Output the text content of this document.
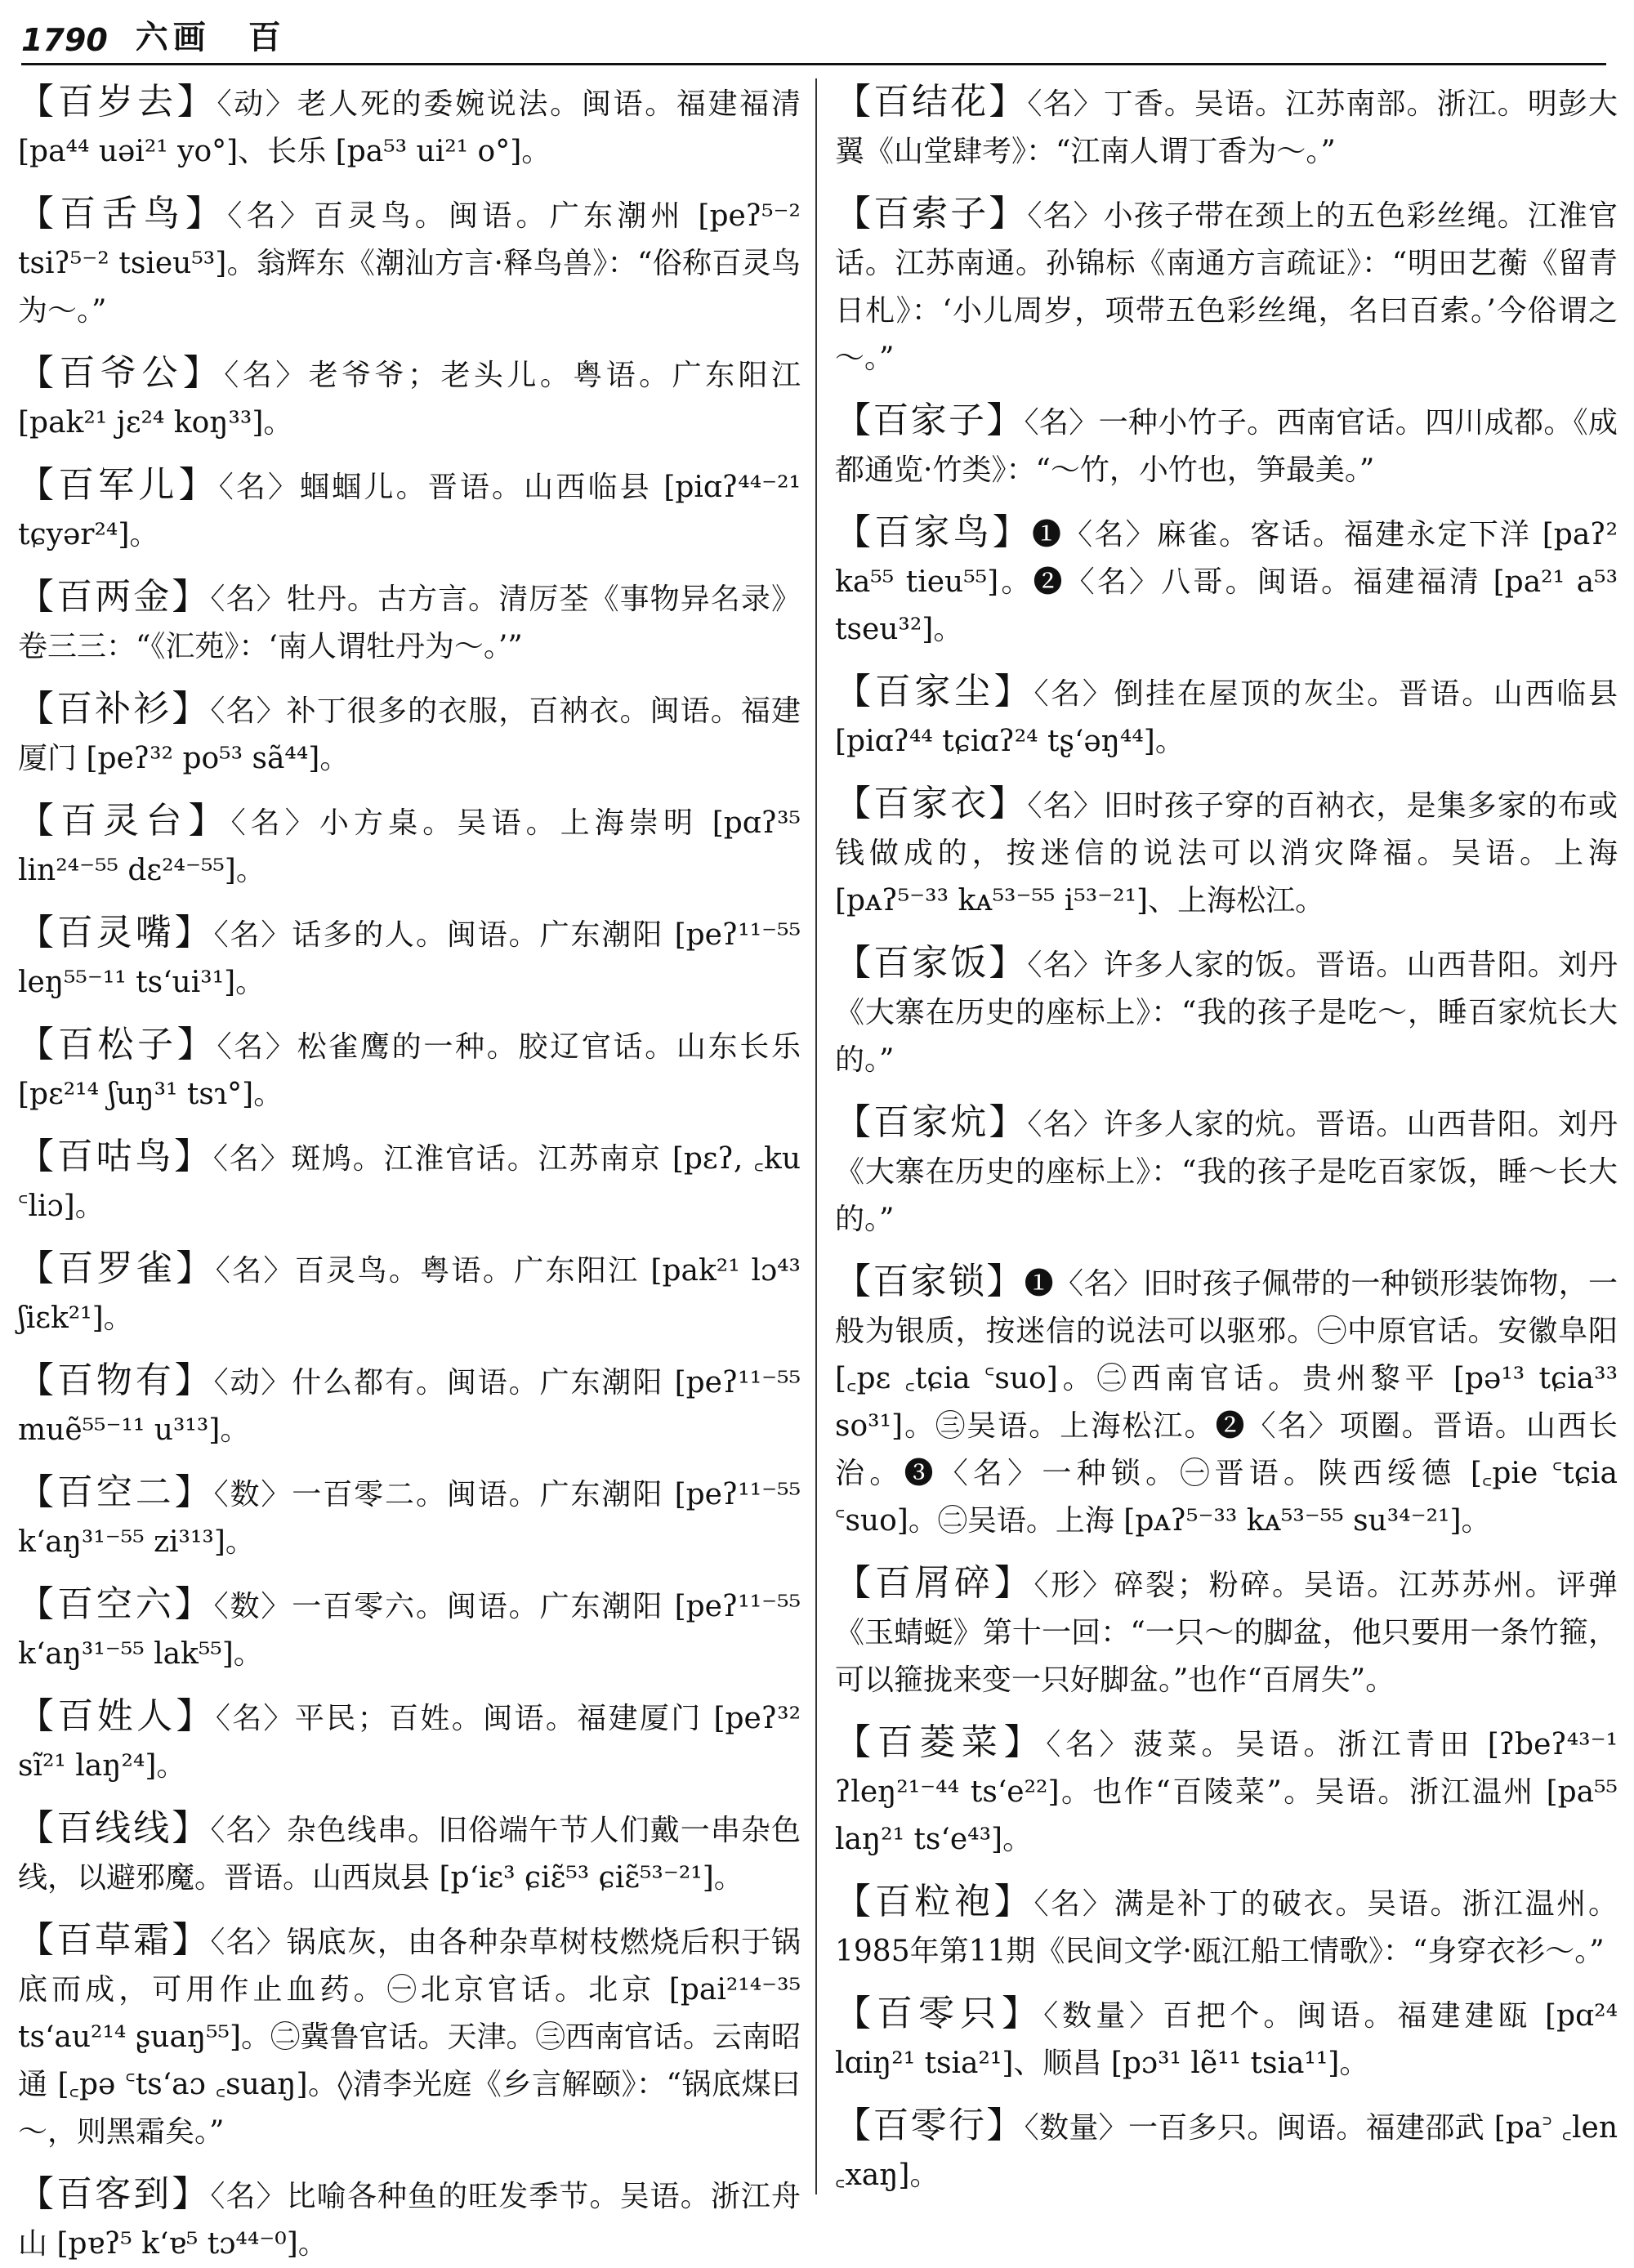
1790 六画　百

【百岁去】〈动〉老人死的委婉说法。闽语。福建福清 [pa⁴⁴ uəi²¹ yo°]、长乐 [pa⁵³ ui²¹ o°]。

【百舌鸟】〈名〉百灵鸟。闽语。广东潮州 [peʔ⁵⁻² tsiʔ⁵⁻² tsieu⁵³]。翁辉东《潮汕方言·释鸟兽》：“俗称百灵鸟为～。”

【百爷公】〈名〉老爷爷；老头儿。粤语。广东阳江 [pak²¹ jɛ²⁴ koŋ³³]。

【百军儿】〈名〉蝈蝈儿。晋语。山西临县 [piɑʔ⁴⁴⁻²¹ tɕyər²⁴]。

【百两金】〈名〉牡丹。古方言。清厉荃《事物异名录》卷三三：“《汇苑》：‘南人谓牡丹为～。’”

【百补衫】〈名〉补丁很多的衣服，百衲衣。闽语。福建厦门 [peʔ³² po⁵³ sã⁴⁴]。

【百灵台】〈名〉小方桌。吴语。上海崇明 [pɑʔ³⁵ lin²⁴⁻⁵⁵ dɛ²⁴⁻⁵⁵]。

【百灵嘴】〈名〉话多的人。闽语。广东潮阳 [peʔ¹¹⁻⁵⁵ leŋ⁵⁵⁻¹¹ tsʻui³¹]。

【百松子】〈名〉松雀鹰的一种。胶辽官话。山东长乐 [pɛ²¹⁴ ʃuŋ³¹ tsɿ°]。

【百咕鸟】〈名〉斑鸠。江淮官话。江苏南京 [pɛʔ, ꜀ku ꜂liɔ]。

【百罗雀】〈名〉百灵鸟。粤语。广东阳江 [pak²¹ lɔ⁴³ ʃiɛk²¹]。

【百物有】〈动〉什么都有。闽语。广东潮阳 [peʔ¹¹⁻⁵⁵ muẽ⁵⁵⁻¹¹ u³¹³]。

【百空二】〈数〉一百零二。闽语。广东潮阳 [peʔ¹¹⁻⁵⁵ kʻaŋ³¹⁻⁵⁵ zi³¹³]。

【百空六】〈数〉一百零六。闽语。广东潮阳 [peʔ¹¹⁻⁵⁵ kʻaŋ³¹⁻⁵⁵ lak⁵⁵]。

【百姓人】〈名〉平民；百姓。闽语。福建厦门 [peʔ³² sĩ²¹ laŋ²⁴]。

【百线线】〈名〉杂色线串。旧俗端午节人们戴一串杂色线，以避邪魔。晋语。山西岚县 [pʻiɛ³ ɕiɛ̃⁵³ ɕiɛ̃⁵³⁻²¹]。

【百草霜】〈名〉锅底灰，由各种杂草树枝燃烧后积于锅底而成，可用作止血药。㊀北京官话。北京 [pai²¹⁴⁻³⁵ tsʻau²¹⁴ ʂuaŋ⁵⁵]。㊁冀鲁官话。天津。㊂西南官话。云南昭通 [꜀pə ꜂tsʻaɔ ꜀suaŋ]。◊清李光庭《乡言解颐》：“锅底煤曰～，则黑霜矣。”

【百客到】〈名〉比喻各种鱼的旺发季节。吴语。浙江舟山 [pɐʔ⁵ kʻɐ⁵ tɔ⁴⁴⁻⁰]。

【百结花】〈名〉丁香。吴语。江苏南部。浙江。明彭大翼《山堂肆考》：“江南人谓丁香为～。”

【百索子】〈名〉小孩子带在颈上的五色彩丝绳。江淮官话。江苏南通。孙锦标《南通方言疏证》：“明田艺蘅《留青日札》：‘小儿周岁，项带五色彩丝绳，名曰百索。’今俗谓之～。”

【百家子】〈名〉一种小竹子。西南官话。四川成都。《成都通览·竹类》：“～竹，小竹也，笋最美。”

【百家鸟】❶〈名〉麻雀。客话。福建永定下洋 [paʔ² ka⁵⁵ tieu⁵⁵]。❷〈名〉八哥。闽语。福建福清 [pa²¹ a⁵³ tseu³²]。

【百家尘】〈名〉倒挂在屋顶的灰尘。晋语。山西临县 [piɑʔ⁴⁴ tɕiɑʔ²⁴ tʂʻəŋ⁴⁴]。

【百家衣】〈名〉旧时孩子穿的百衲衣，是集多家的布或钱做成的，按迷信的说法可以消灾降福。吴语。上海 [pᴀʔ⁵⁻³³ kᴀ⁵³⁻⁵⁵ i⁵³⁻²¹]、上海松江。

【百家饭】〈名〉许多人家的饭。晋语。山西昔阳。刘丹《大寨在历史的座标上》：“我的孩子是吃～，睡百家炕长大的。”

【百家炕】〈名〉许多人家的炕。晋语。山西昔阳。刘丹《大寨在历史的座标上》：“我的孩子是吃百家饭，睡～长大的。”

【百家锁】❶〈名〉旧时孩子佩带的一种锁形装饰物，一般为银质，按迷信的说法可以驱邪。㊀中原官话。安徽阜阳 [꜀pɛ ꜀tɕia ꜂suo]。㊁西南官话。贵州黎平 [pə¹³ tɕia³³ so³¹]。㊂吴语。上海松江。❷〈名〉项圈。晋语。山西长治。❸〈名〉一种锁。㊀晋语。陕西绥德 [꜀pie ꜂tɕia ꜂suo]。㊁吴语。上海 [pᴀʔ⁵⁻³³ kᴀ⁵³⁻⁵⁵ su³⁴⁻²¹]。

【百屑碎】〈形〉碎裂；粉碎。吴语。江苏苏州。评弹《玉蜻蜓》第十一回：“一只～的脚盆，他只要用一条竹箍，可以箍拢来变一只好脚盆。”也作“百屑失”。

【百菱菜】〈名〉菠菜。吴语。浙江青田 [ʔbeʔ⁴³⁻¹ ʔleŋ²¹⁻⁴⁴ tsʻe²²]。也作“百陵菜”。吴语。浙江温州 [pa⁵⁵ laŋ²¹ tsʻe⁴³]。

【百粒袍】〈名〉满是补丁的破衣。吴语。浙江温州。1985年第11期《民间文学·瓯江船工情歌》：“身穿衣衫～。”

【百零只】〈数量〉百把个。闽语。福建建瓯 [pɑ²⁴ lɑiŋ²¹ tsia²¹]、顺昌 [pɔ³¹ lẽ¹¹ tsia¹¹]。

【百零行】〈数量〉一百多只。闽语。福建邵武 [pa꜄ ꜀len ꜀xaŋ]。
